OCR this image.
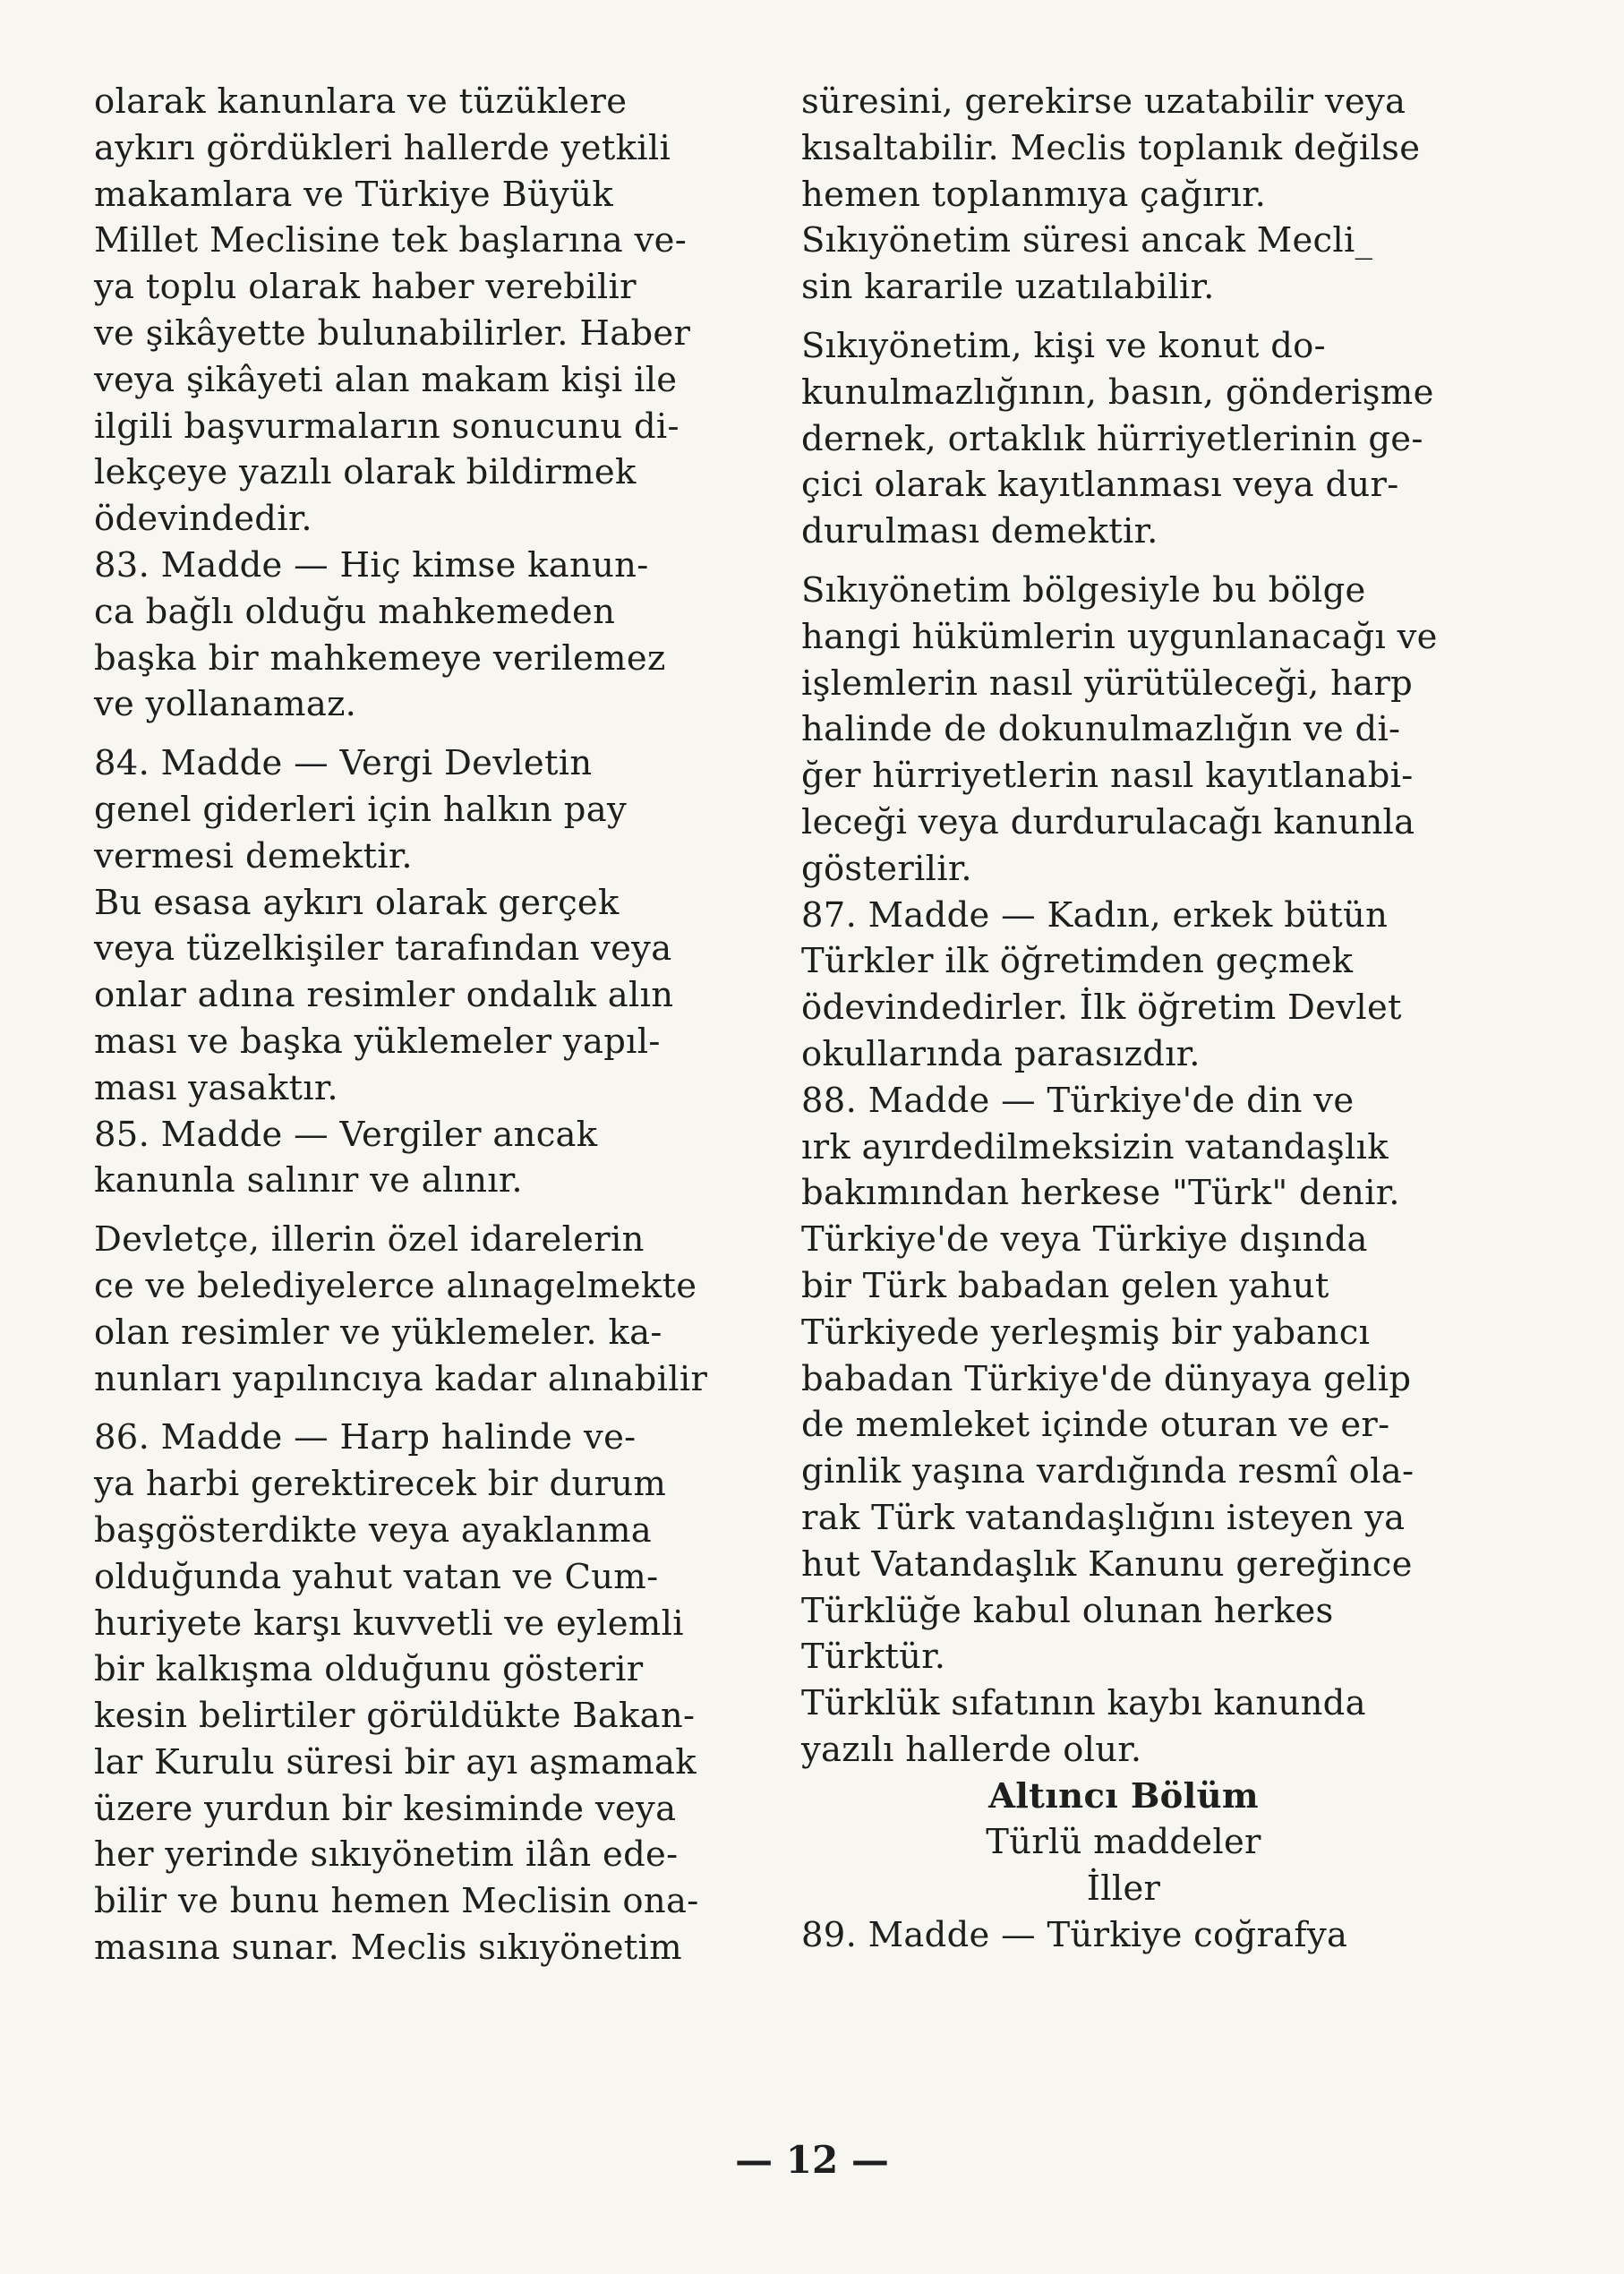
olarak kanunlara ve tüzüklere
aykırı gördükleri hallerde yetkili
makamlara ve Türkiye Büyük
Millet Meclisine tek başlarına ve-
ya toplu olarak haber verebilir
ve şikâyette bulunabilirler. Haber
veya şikâyeti alan makam kişi ile
ilgili başvurmaların sonucunu di-
lekçeye yazılı olarak bildirmek
ödevindedir.
83. Madde — Hiç kimse kanun-
ca bağlı olduğu mahkemeden
başka bir mahkemeye verilemez
ve yollanamaz.
84. Madde — Vergi Devletin
genel giderleri için halkın pay
vermesi demektir.
Bu esasa aykırı olarak gerçek
veya tüzelkişiler tarafından veya
onlar adına resimler ondalık alın
ması ve başka yüklemeler yapıl-
ması yasaktır.
85. Madde — Vergiler ancak
kanunla salınır ve alınır.
Devletçe, illerin özel idarelerin
ce ve belediyelerce alınagelmekte
olan resimler ve yüklemeler. ka-
nunları yapılıncıya kadar alınabilir
86. Madde — Harp halinde ve-
ya harbi gerektirecek bir durum
başgösterdikte veya ayaklanma
olduğunda yahut vatan ve Cum-
huriyete karşı kuvvetli ve eylemli
bir kalkışma olduğunu gösterir
kesin belirtiler görüldükte Bakan-
lar Kurulu süresi bir ayı aşmamak
üzere yurdun bir kesiminde veya
her yerinde sıkıyönetim ilân ede-
bilir ve bunu hemen Meclisin ona-
masına sunar. Meclis sıkıyönetim
süresini, gerekirse uzatabilir veya
kısaltabilir. Meclis toplanık değilse
hemen toplanmıya çağırır.
Sıkıyönetim süresi ancak Mecli_
sin kararile uzatılabilir.
Sıkıyönetim, kişi ve konut do-
kunulmazlığının, basın, gönderişme
dernek, ortaklık hürriyetlerinin ge-
çici olarak kayıtlanması veya dur-
durulması demektir.
Sıkıyönetim bölgesiyle bu bölge
hangi hükümlerin uygunlanacağı ve
işlemlerin nasıl yürütüleceği, harp
halinde de dokunulmazlığın ve di-
ğer hürriyetlerin nasıl kayıtlanabi-
leceği veya durdurulacağı kanunla
gösterilir.
87. Madde — Kadın, erkek bütün
Türkler ilk öğretimden geçmek
ödevindedirler. İlk öğretim Devlet
okullarında parasızdır.
88. Madde — Türkiye'de din ve
ırk ayırdedilmeksizin vatandaşlık
bakımından herkese "Türk" denir.
Türkiye'de veya Türkiye dışında
bir Türk babadan gelen yahut
Türkiyede yerleşmiş bir yabancı
babadan Türkiye'de dünyaya gelip
de memleket içinde oturan ve er-
ginlik yaşına vardığında resmî ola-
rak Türk vatandaşlığını isteyen ya
hut Vatandaşlık Kanunu gereğince
Türklüğe kabul olunan herkes
Türktür.
Türklük sıfatının kaybı kanunda
yazılı hallerde olur.
Altıncı Bölüm
Türlü maddeler
İller
89. Madde — Türkiye coğrafya
— 12 —
